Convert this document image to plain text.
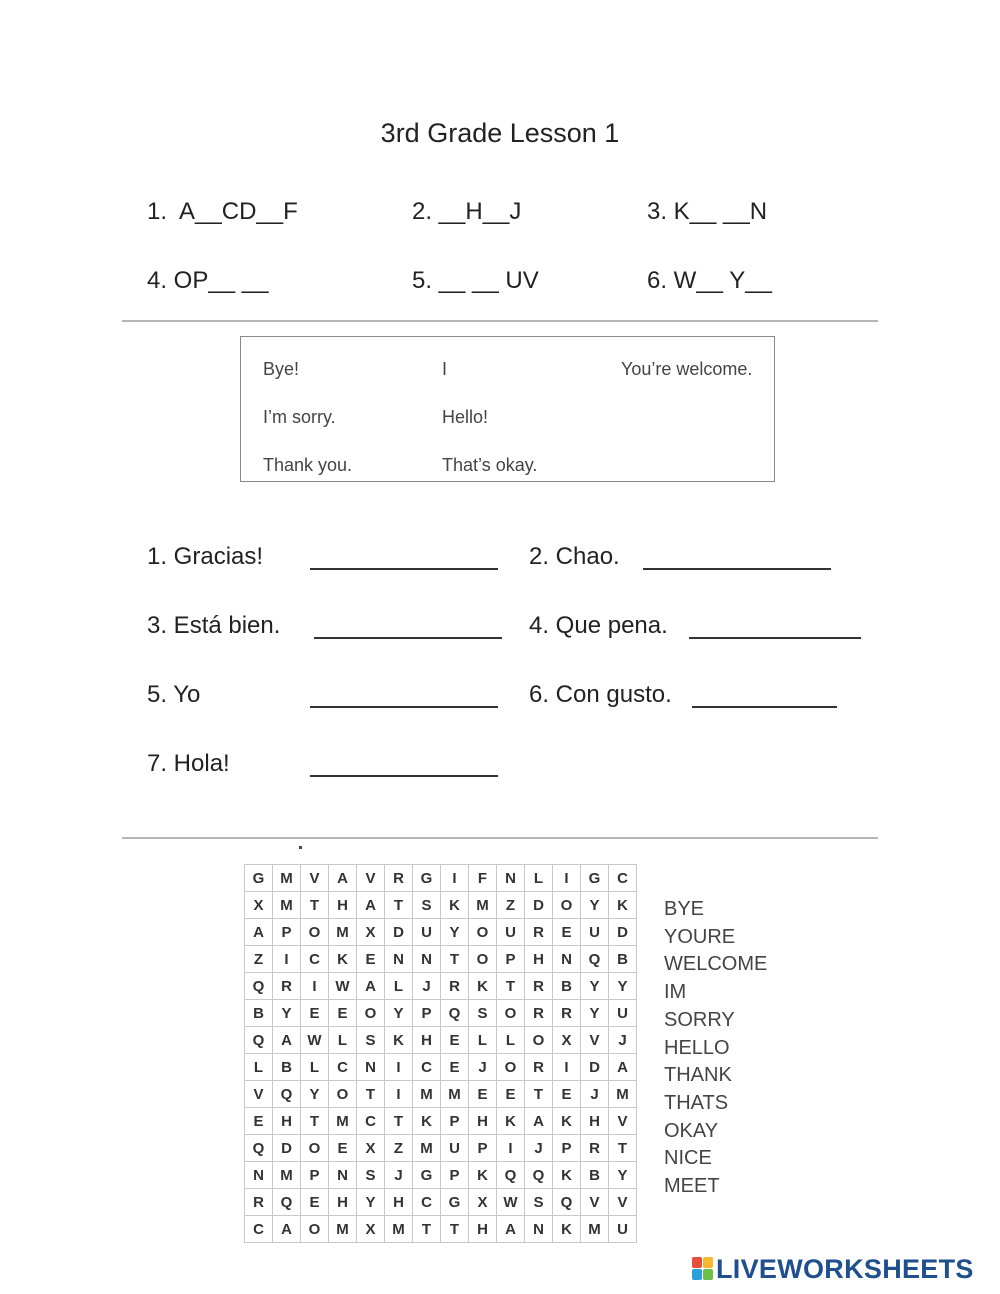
3rd Grade Lesson 1
1.  A__CD__F	2. __H__J	3. K__ __N
4. OP__ __	5. __ __ UV	6. W__ Y__
Bye!	I	You’re welcome.
I’m sorry.	Hello!
Thank you.	That’s okay.
1. Gracias!	2. Chao.
3. Está bien.	4. Que pena.
5. Yo	6. Con gusto.
7. Hola!
G	M	V	A	V	R	G	I	F	N	L	I	G	C
X	M	T	H	A	T	S	K	M	Z	D	O	Y	K
A	P	O	M	X	D	U	Y	O	U	R	E	U	D
Z	I	C	K	E	N	N	T	O	P	H	N	Q	B
Q	R	I	W	A	L	J	R	K	T	R	B	Y	Y
B	Y	E	E	O	Y	P	Q	S	O	R	R	Y	U
Q	A	W	L	S	K	H	E	L	L	O	X	V	J
L	B	L	C	N	I	C	E	J	O	R	I	D	A
V	Q	Y	O	T	I	M	M	E	E	T	E	J	M
E	H	T	M	C	T	K	P	H	K	A	K	H	V
Q	D	O	E	X	Z	M	U	P	I	J	P	R	T
N	M	P	N	S	J	G	P	K	Q	Q	K	B	Y
R	Q	E	H	Y	H	C	G	X	W	S	Q	V	V
C	A	O	M	X	M	T	T	H	A	N	K	M	U
BYE
YOURE
WELCOME
IM
SORRY
HELLO
THANK
THATS
OKAY
NICE
MEET
LIVEWORKSHEETS
